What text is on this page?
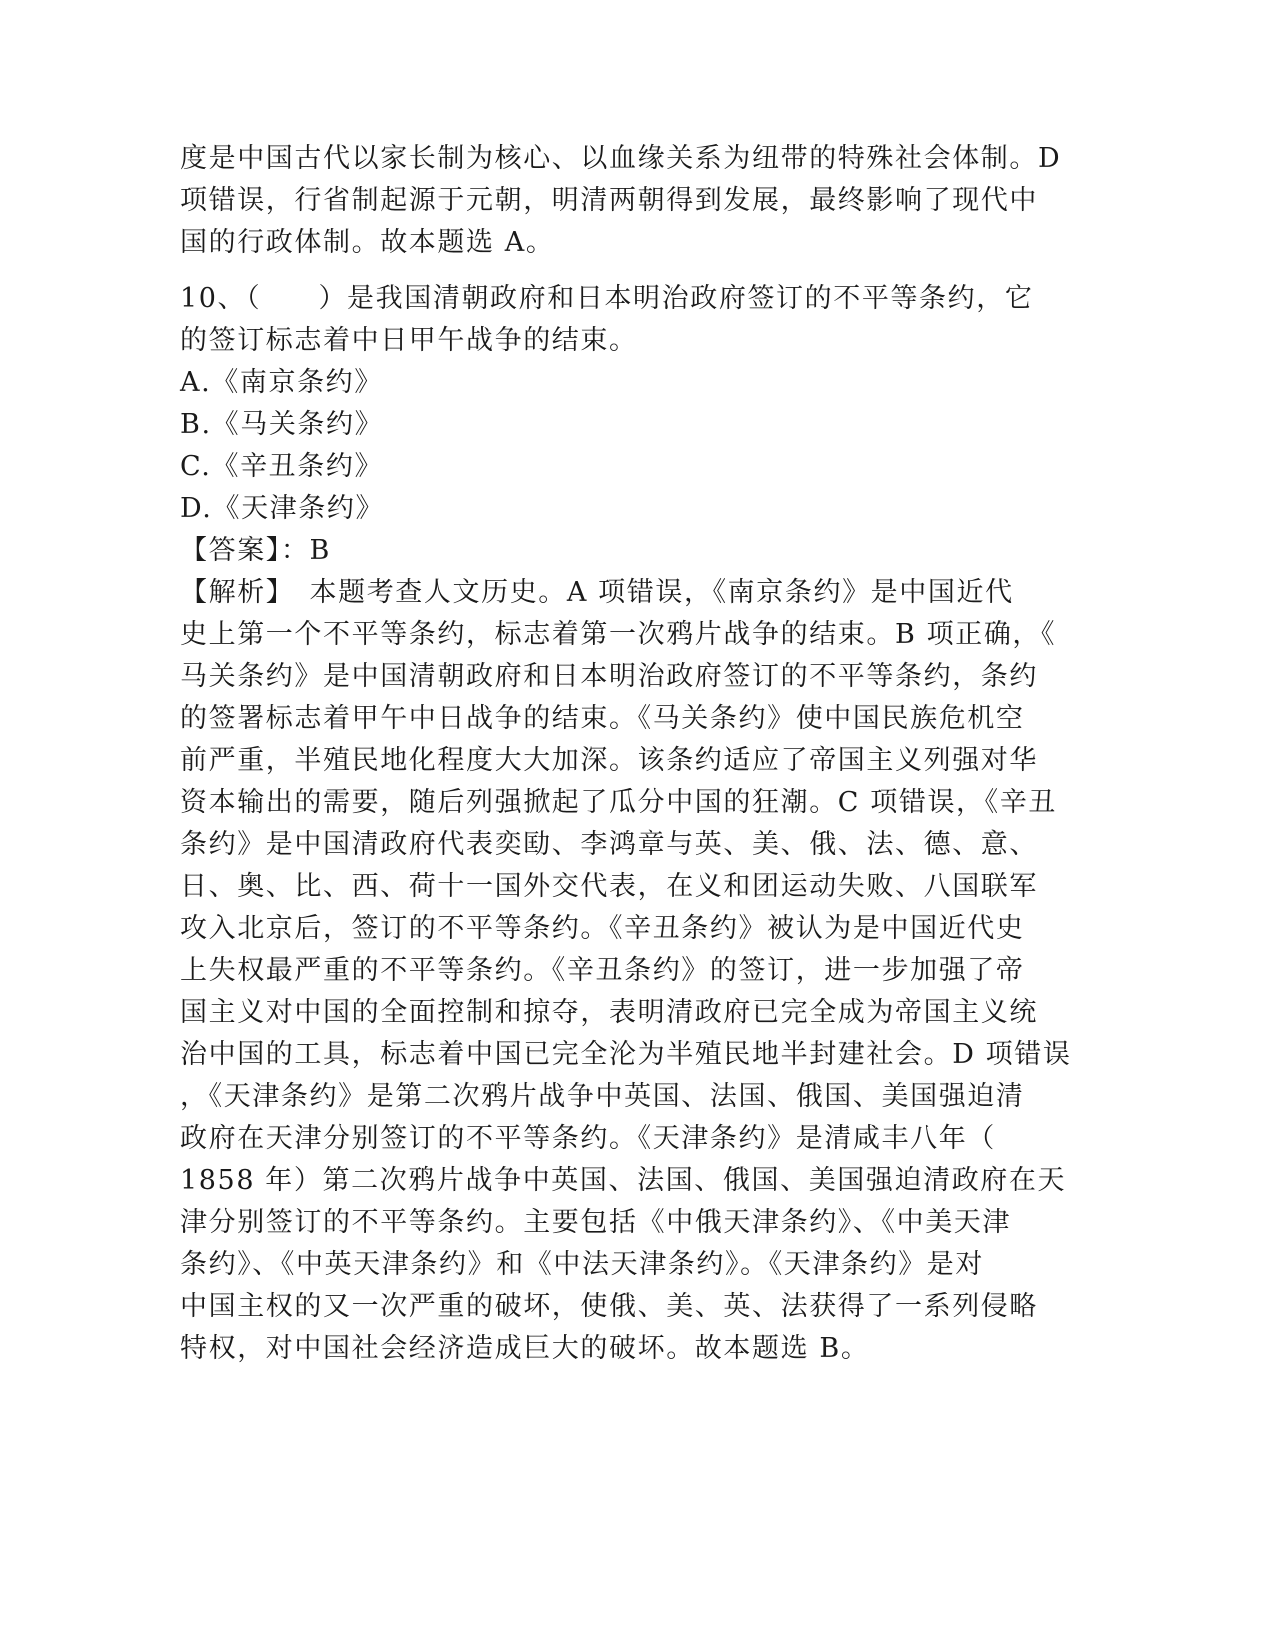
度是中国古代以家长制为核心、以血缘关系为纽带的特殊社会体制。D
项错误，行省制起源于元朝，明清两朝得到发展，最终影响了现代中
国的行政体制。故本题选 A。
10、（　　）是我国清朝政府和日本明治政府签订的不平等条约，它
的签订标志着中日甲午战争的结束。
A.《南京条约》
B.《马关条约》
C.《辛丑条约》
D.《天津条约》
【答案】：B
【解析】　本题考查人文历史。A 项错误，《南京条约》是中国近代
史上第一个不平等条约，标志着第一次鸦片战争的结束。B 项正确，《
马关条约》是中国清朝政府和日本明治政府签订的不平等条约，条约
的签署标志着甲午中日战争的结束。《马关条约》使中国民族危机空
前严重，半殖民地化程度大大加深。该条约适应了帝国主义列强对华
资本输出的需要，随后列强掀起了瓜分中国的狂潮。C 项错误，《辛丑
条约》是中国清政府代表奕劻、李鸿章与英、美、俄、法、德、意、
日、奥、比、西、荷十一国外交代表，在义和团运动失败、八国联军
攻入北京后，签订的不平等条约。《辛丑条约》被认为是中国近代史
上失权最严重的不平等条约。《辛丑条约》的签订，进一步加强了帝
国主义对中国的全面控制和掠夺，表明清政府已完全成为帝国主义统
治中国的工具，标志着中国已完全沦为半殖民地半封建社会。D 项错误
，《天津条约》是第二次鸦片战争中英国、法国、俄国、美国强迫清
政府在天津分别签订的不平等条约。《天津条约》是清咸丰八年（
1858 年）第二次鸦片战争中英国、法国、俄国、美国强迫清政府在天
津分别签订的不平等条约。主要包括《中俄天津条约》、《中美天津
条约》、《中英天津条约》和《中法天津条约》。《天津条约》是对
中国主权的又一次严重的破坏，使俄、美、英、法获得了一系列侵略
特权，对中国社会经济造成巨大的破坏。故本题选 B。
